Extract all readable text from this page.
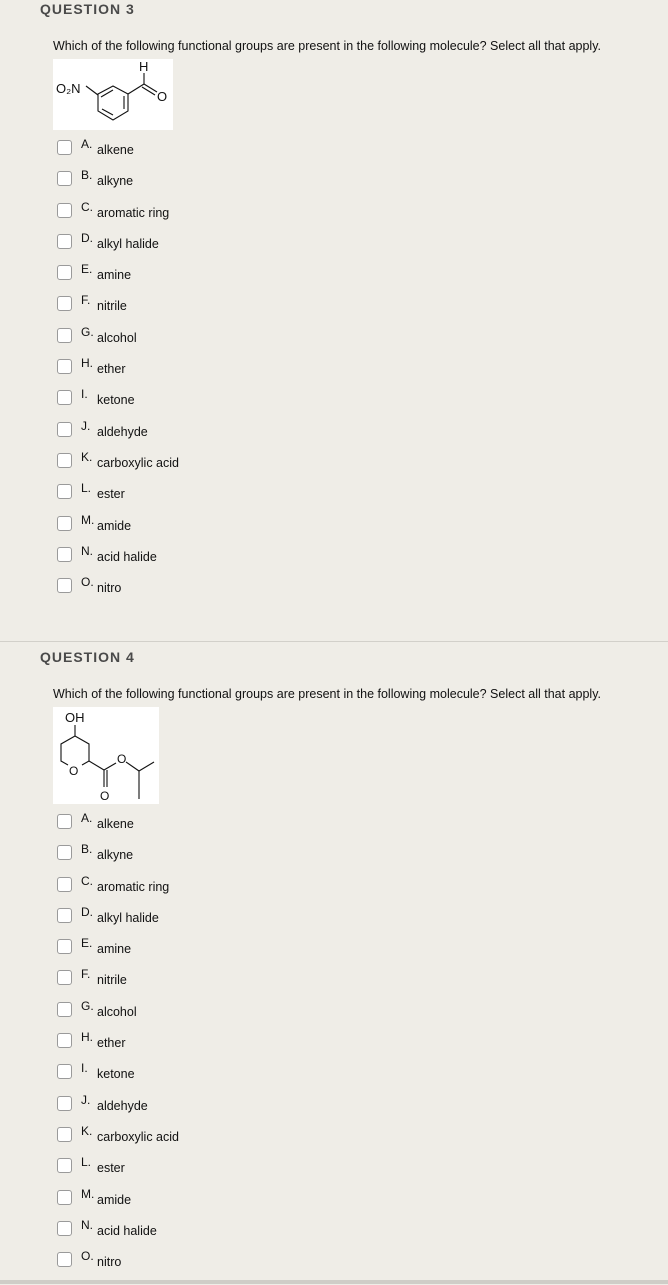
QUESTION 3
Which of the following functional groups are present in the following molecule? Select all that apply.
O₂N
H
O
A. alkene
B. alkyne
C. aromatic ring
D. alkyl halide
E. amine
F. nitrile
G. alcohol
H. ether
I. ketone
J. aldehyde
K. carboxylic acid
L. ester
M. amide
N. acid halide
O. nitro
QUESTION 4
Which of the following functional groups are present in the following molecule? Select all that apply.
OH
O
O
O
A. alkene
B. alkyne
C. aromatic ring
D. alkyl halide
E. amine
F. nitrile
G. alcohol
H. ether
I. ketone
J. aldehyde
K. carboxylic acid
L. ester
M. amide
N. acid halide
O. nitro
